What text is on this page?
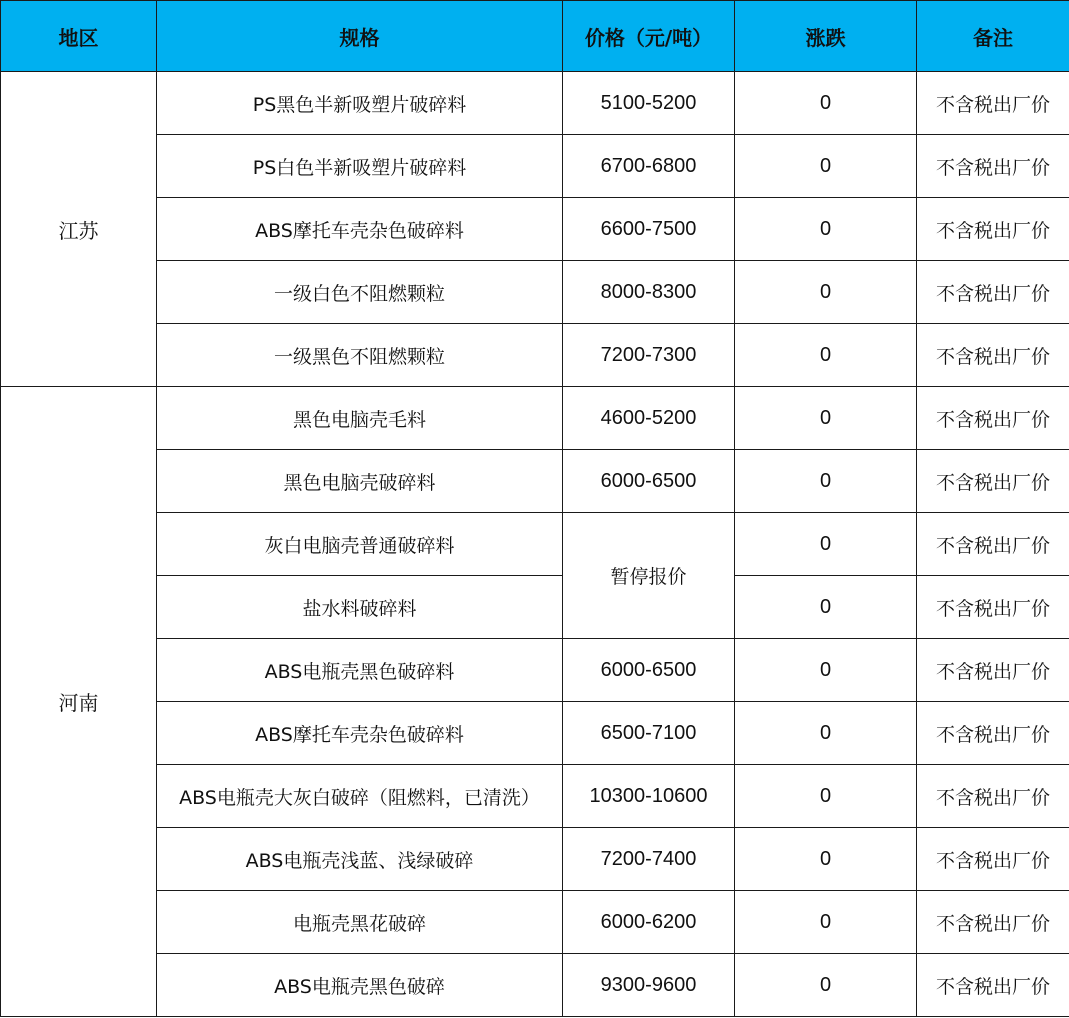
地区	规格	价格（元/吨）	涨跌	备注
江苏	PS黑色半新吸塑片破碎料	5100-5200	0	不含税出厂价
	PS白色半新吸塑片破碎料	6700-6800	0	不含税出厂价
	ABS摩托车壳杂色破碎料	6600-7500	0	不含税出厂价
	一级白色不阻燃颗粒	8000-8300	0	不含税出厂价
	一级黑色不阻燃颗粒	7200-7300	0	不含税出厂价
河南	黑色电脑壳毛料	4600-5200	0	不含税出厂价
	黑色电脑壳破碎料	6000-6500	0	不含税出厂价
	灰白电脑壳普通破碎料	暂停报价	0	不含税出厂价
	盐水料破碎料		0	不含税出厂价
	ABS电瓶壳黑色破碎料	6000-6500	0	不含税出厂价
	ABS摩托车壳杂色破碎料	6500-7100	0	不含税出厂价
	ABS电瓶壳大灰白破碎（阻燃料，已清洗）	10300-10600	0	不含税出厂价
	ABS电瓶壳浅蓝、浅绿破碎	7200-7400	0	不含税出厂价
	电瓶壳黑花破碎	6000-6200	0	不含税出厂价
	ABS电瓶壳黑色破碎	9300-9600	0	不含税出厂价
